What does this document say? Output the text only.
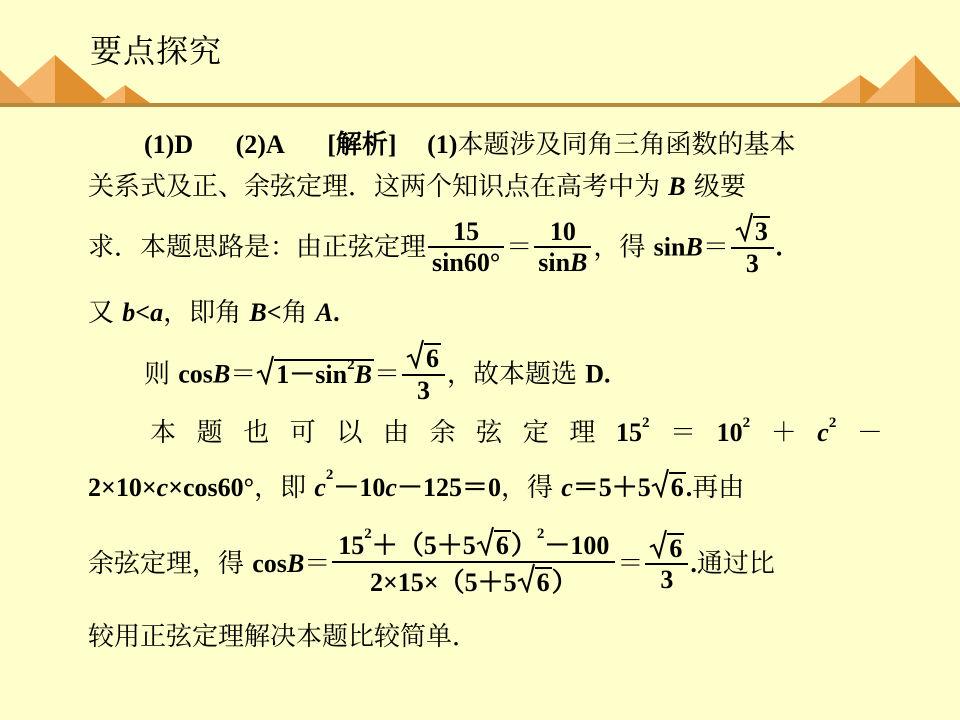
要点探究
(1)D (2)A [解析] (1)本题涉及同角三角函数的基本
关系式及正、余弦定理．这两个知识点在高考中为 B 级要
求．本题思路是：由正弦定理 $\frac{15}{\sin 60^\circ} = \frac{10}{\sin B}$ ，得 $\sin B= \frac{3}{3}$ .
又 b<a，即角 B<角 A.
则 $\cos B= 1-\sin^2B= \frac{6}{3}$ ，故本题选 D.
本 题 也 可 以 由 余 弦 定 理 $15^2 = 10^2 + c^2$ －
2×10×c×cos60°，即 $c^2-10c-125=0$，得 c＝5＋5 6.再由
余弦定理，得 $\cos B= \frac{15^2+(5+5 6)^2-100}{2\times 15\times(5+5 6)} = \frac{6}{3}$ .通过比
较用正弦定理解决本题比较简单．
